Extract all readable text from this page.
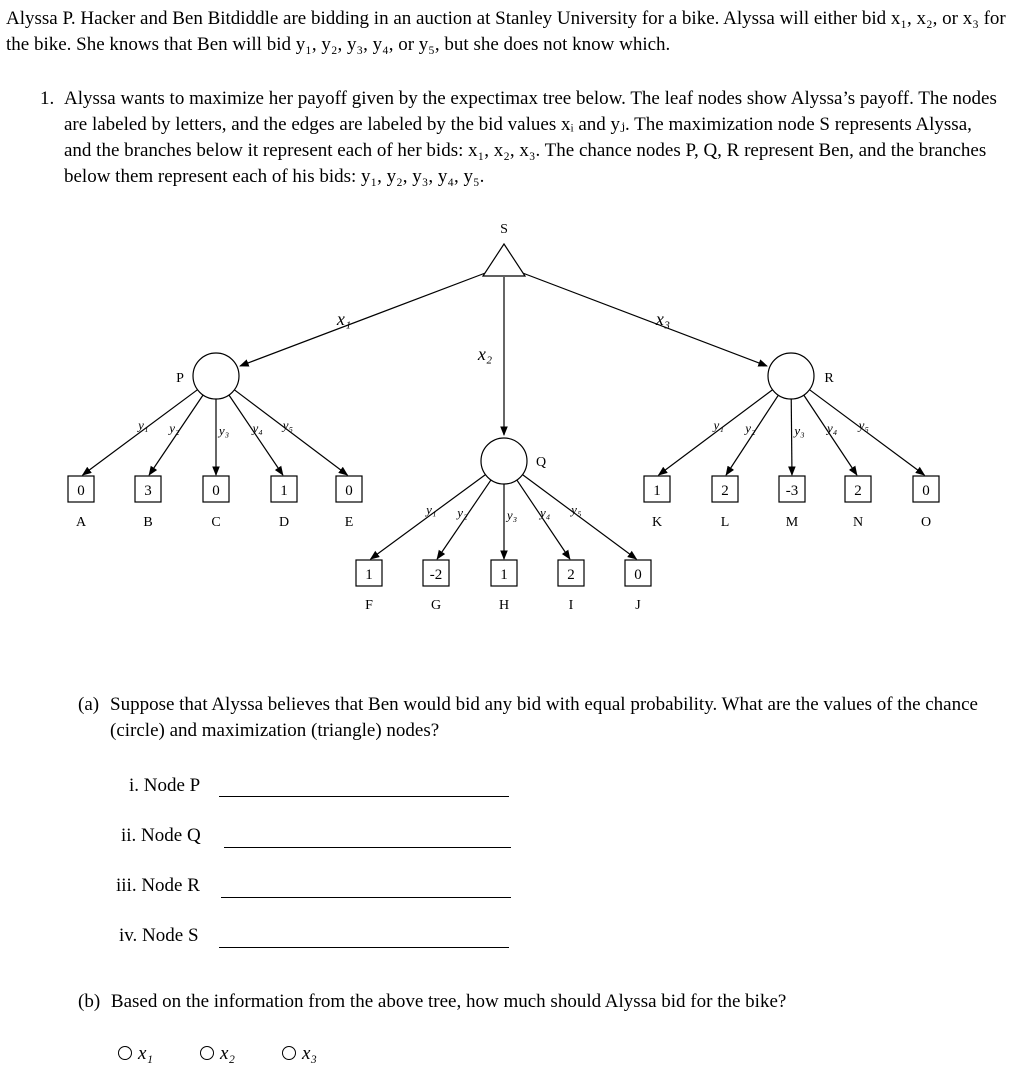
Alyssa P. Hacker and Ben Bitdiddle are bidding in an auction at Stanley University for a bike. Alyssa will either bid x₁, x₂, or x₃ for the bike. She knows that Ben will bid y₁, y₂, y₃, y₄, or y₅, but she does not know which.
1. Alyssa wants to maximize her payoff given by the expectimax tree below. The leaf nodes show Alyssa’s payoff. The nodes are labeled by letters, and the edges are labeled by the bid values xᵢ and yⱼ. The maximization node S represents Alyssa, and the branches below it represent each of her bids: x₁, x₂, x₃. The chance nodes P, Q, R represent Ben, and the branches below them represent each of his bids: y₁, y₂, y₃, y₄, y₅.
S
P
Q
R
x₁
x₂
x₃
0
A
y₁
3
B
y₂
0
C
y₃
1
D
y₄
0
E
y₅
1
F
y₁
-2
G
y₂
1
H
y₃
2
I
y₄
0
J
y₅
1
K
y₁
2
L
y₂
-3
M
y₃
2
N
y₄
0
O
y₅
(a) Suppose that Alyssa believes that Ben would bid any bid with equal probability. What are the values of the chance (circle) and maximization (triangle) nodes?
i. Node P
ii. Node Q
iii. Node R
iv. Node S
(b) Based on the information from the above tree, how much should Alyssa bid for the bike?
x₁	x₂	x₃
